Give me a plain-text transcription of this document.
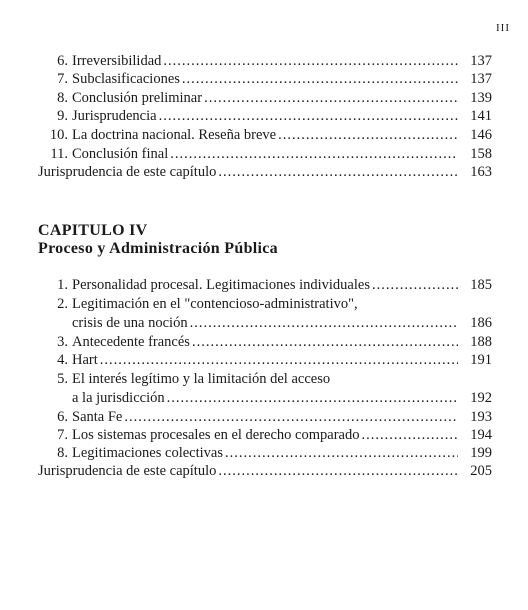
III
6. Irreversibilidad .....	137
7. Subclasificaciones .....	137
8. Conclusión preliminar .....	139
9. Jurisprudencia .....	141
10. La doctrina nacional. Reseña breve .....	146
11. Conclusión final .....	158
Jurisprudencia de este capítulo .....	163
CAPITULO IV
Proceso y Administración Pública
1. Personalidad procesal. Legitimaciones individuales .....	185
2. Legitimación en el "contencioso-administrativo",
crisis de una noción .....	186
3. Antecedente francés .....	188
4. Hart .....	191
5. El interés legítimo y la limitación del acceso
a la jurisdicción .....	192
6. Santa Fe .....	193
7. Los sistemas procesales en el derecho comparado .....	194
8. Legitimaciones colectivas .....	199
Jurisprudencia de este capítulo .....	205
